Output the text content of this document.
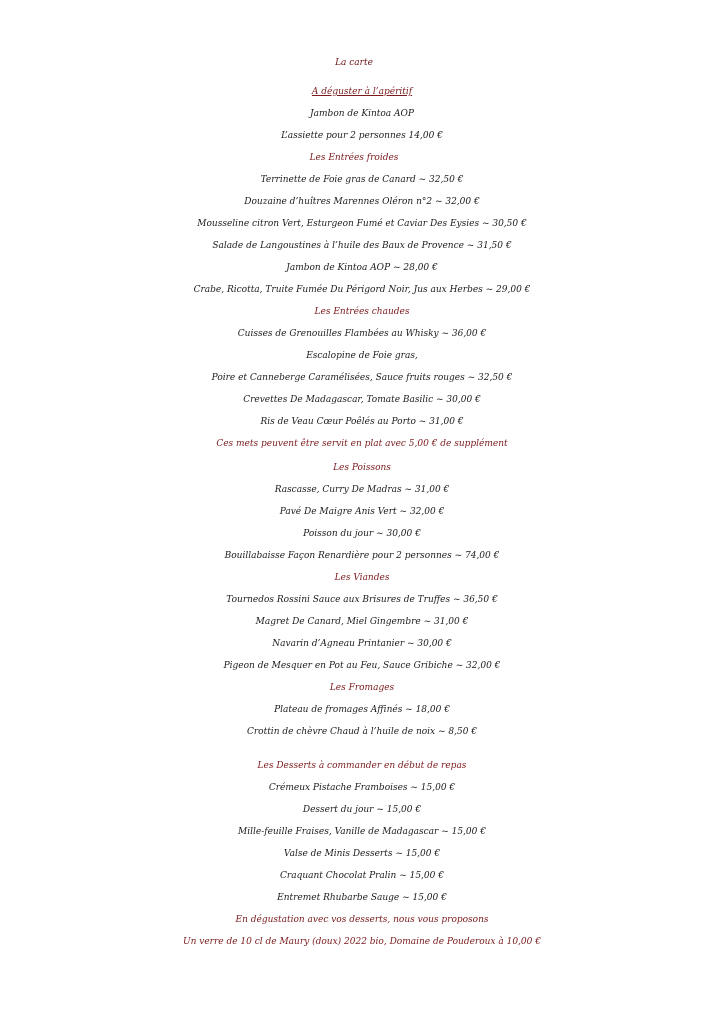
La carte
A déguster à l’apéritif
Jambon de Kintoa AOP
L’assiette pour 2 personnes 14,00 €
Les Entrées froides
Terrinette de Foie gras de Canard ~ 32,50 €
Douzaine d’huîtres Marennes Oléron n°2 ~ 32,00 €
Mousseline citron Vert, Esturgeon Fumé et Caviar Des Eysies ~ 30,50 €
Salade de Langoustines à l’huile des Baux de Provence ~ 31,50 €
Jambon de Kintoa AOP ~ 28,00 €
Crabe, Ricotta, Truite Fumée Du Périgord Noir, Jus aux Herbes ~ 29,00 €
Les Entrées chaudes
Cuisses de Grenouilles Flambées au Whisky ~ 36,00 €
Escalopine de Foie gras,
Poire et Canneberge Caramélisées, Sauce fruits rouges ~ 32,50 €
Crevettes De Madagascar, Tomate Basilic ~ 30,00 €
Ris de Veau Cœur Poêlés au Porto ~ 31,00 €
Ces mets peuvent être servit en plat avec 5,00 € de supplément
Les Poissons
Rascasse, Curry De Madras ~ 31,00 €
Pavé De Maigre Anis Vert ~ 32,00 €
Poisson du jour ~ 30,00 €
Bouillabaisse Façon Renardière pour 2 personnes ~ 74,00 €
Les Viandes
Tournedos Rossini Sauce aux Brisures de Truffes ~ 36,50 €
Magret De Canard, Miel Gingembre ~ 31,00 €
Navarin d’Agneau Printanier ~ 30,00 €
Pigeon de Mesquer en Pot au Feu, Sauce Gribiche ~ 32,00 €
Les Fromages
Plateau de fromages Affinés ~ 18,00 €
Crottin de chèvre Chaud à l’huile de noix ~ 8,50 €
Les Desserts à commander en début de repas
Crémeux Pistache Framboises ~ 15,00 €
Dessert du jour ~ 15,00 €
Mille-feuille Fraises, Vanille de Madagascar ~ 15,00 €
Valse de Minis Desserts ~ 15,00 €
Craquant Chocolat Pralin ~ 15,00 €
Entremet Rhubarbe Sauge ~ 15,00 €
En dégustation avec vos desserts, nous vous proposons
Un verre de 10 cl de Maury (doux) 2022 bio, Domaine de Pouderoux à 10,00 €
